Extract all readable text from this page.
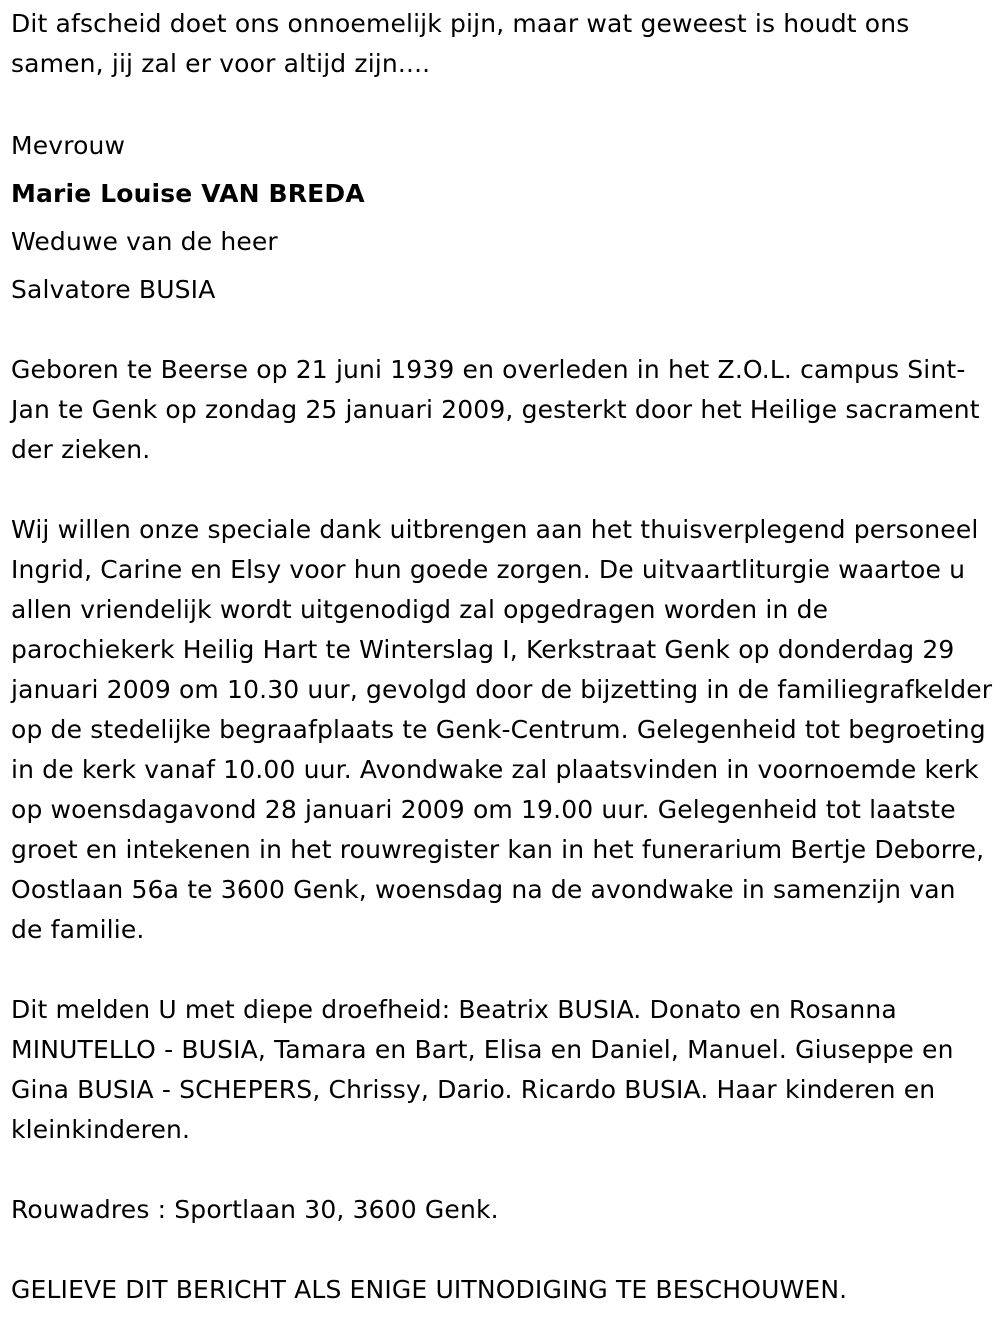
Dit afscheid doet ons onnoemelijk pijn, maar wat geweest is houdt ons samen, jij zal er voor altijd zijn....

Mevrouw

Marie Louise VAN BREDA

Weduwe van de heer

Salvatore BUSIA

Geboren te Beerse op 21 juni 1939 en overleden in het Z.O.L. campus Sint-Jan te Genk op zondag 25 januari 2009, gesterkt door het Heilige sacrament der zieken.

Wij willen onze speciale dank uitbrengen aan het thuisverplegend personeel Ingrid, Carine en Elsy voor hun goede zorgen. De uitvaartliturgie waartoe u allen vriendelijk wordt uitgenodigd zal opgedragen worden in de parochiekerk Heilig Hart te Winterslag I, Kerkstraat Genk op donderdag 29 januari 2009 om 10.30 uur, gevolgd door de bijzetting in de familiegrafkelder op de stedelijke begraafplaats te Genk-Centrum. Gelegenheid tot begroeting in de kerk vanaf 10.00 uur. Avondwake zal plaatsvinden in voornoemde kerk op woensdagavond 28 januari 2009 om 19.00 uur. Gelegenheid tot laatste groet en intekenen in het rouwregister kan in het funerarium Bertje Deborre, Oostlaan 56a te 3600 Genk, woensdag na de avondwake in samenzijn van de familie.

Dit melden U met diepe droefheid: Beatrix BUSIA. Donato en Rosanna MINUTELLO - BUSIA, Tamara en Bart, Elisa en Daniel, Manuel. Giuseppe en Gina BUSIA - SCHEPERS, Chrissy, Dario. Ricardo BUSIA. Haar kinderen en kleinkinderen.

Rouwadres : Sportlaan 30, 3600 Genk.

GELIEVE DIT BERICHT ALS ENIGE UITNODIGING TE BESCHOUWEN.
